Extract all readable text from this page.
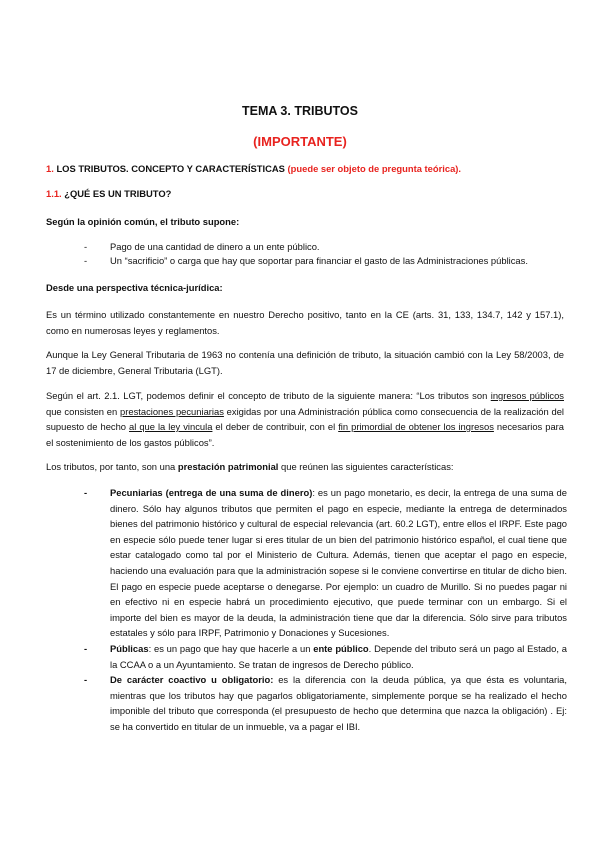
TEMA 3. TRIBUTOS
(IMPORTANTE)
1. LOS TRIBUTOS. CONCEPTO Y CARACTERÍSTICAS (puede ser objeto de pregunta teórica).
1.1. ¿QUÉ ES UN TRIBUTO?
Según la opinión común, el tributo supone:
- Pago de una cantidad de dinero a un ente público.
- Un “sacrificio” o carga que hay que soportar para financiar el gasto de las Administraciones públicas.
Desde una perspectiva técnica-jurídica:
Es un término utilizado constantemente en nuestro Derecho positivo, tanto en la CE (arts. 31, 133, 134.7, 142 y 157.1), como en numerosas leyes y reglamentos.
Aunque la Ley General Tributaria de 1963 no contenía una definición de tributo, la situación cambió con la Ley 58/2003, de 17 de diciembre, General Tributaria (LGT).
Según el art. 2.1. LGT, podemos definir el concepto de tributo de la siguiente manera: “Los tributos son ingresos públicos que consisten en prestaciones pecuniarias exigidas por una Administración pública como consecuencia de la realización del supuesto de hecho al que la ley vincula el deber de contribuir, con el fin primordial de obtener los ingresos necesarios para el sostenimiento de los gastos públicos”.
Los tributos, por tanto, son una prestación patrimonial que reúnen las siguientes características:
- Pecuniarias (entrega de una suma de dinero): es un pago monetario, es decir, la entrega de una suma de dinero. Sólo hay algunos tributos que permiten el pago en especie, mediante la entrega de determinados bienes del patrimonio histórico y cultural de especial relevancia (art. 60.2 LGT), entre ellos el IRPF. Este pago en especie sólo puede tener lugar si eres titular de un bien del patrimonio histórico español, el cual tiene que estar catalogado como tal por el Ministerio de Cultura. Además, tienen que aceptar el pago en especie, haciendo una evaluación para que la administración sopese si le conviene convertirse en titular de dicho bien. El pago en especie puede aceptarse o denegarse. Por ejemplo: un cuadro de Murillo. Si no puedes pagar ni en efectivo ni en especie habrá un procedimiento ejecutivo, que puede terminar con un embargo. Si el importe del bien es mayor de la deuda, la administración tiene que dar la diferencia. Sólo sirve para tributos estatales y sólo para IRPF, Patrimonio y Donaciones y Sucesiones.
- Públicas: es un pago que hay que hacerle a un ente público. Depende del tributo será un pago al Estado, a la CCAA o a un Ayuntamiento. Se tratan de ingresos de Derecho público.
- De carácter coactivo u obligatorio: es la diferencia con la deuda pública, ya que ésta es voluntaria, mientras que los tributos hay que pagarlos obligatoriamente, simplemente porque se ha realizado el hecho imponible del tributo que corresponda (el presupuesto de hecho que determina que nazca la obligación) . Ej: se ha convertido en titular de un inmueble, va a pagar el IBI.
